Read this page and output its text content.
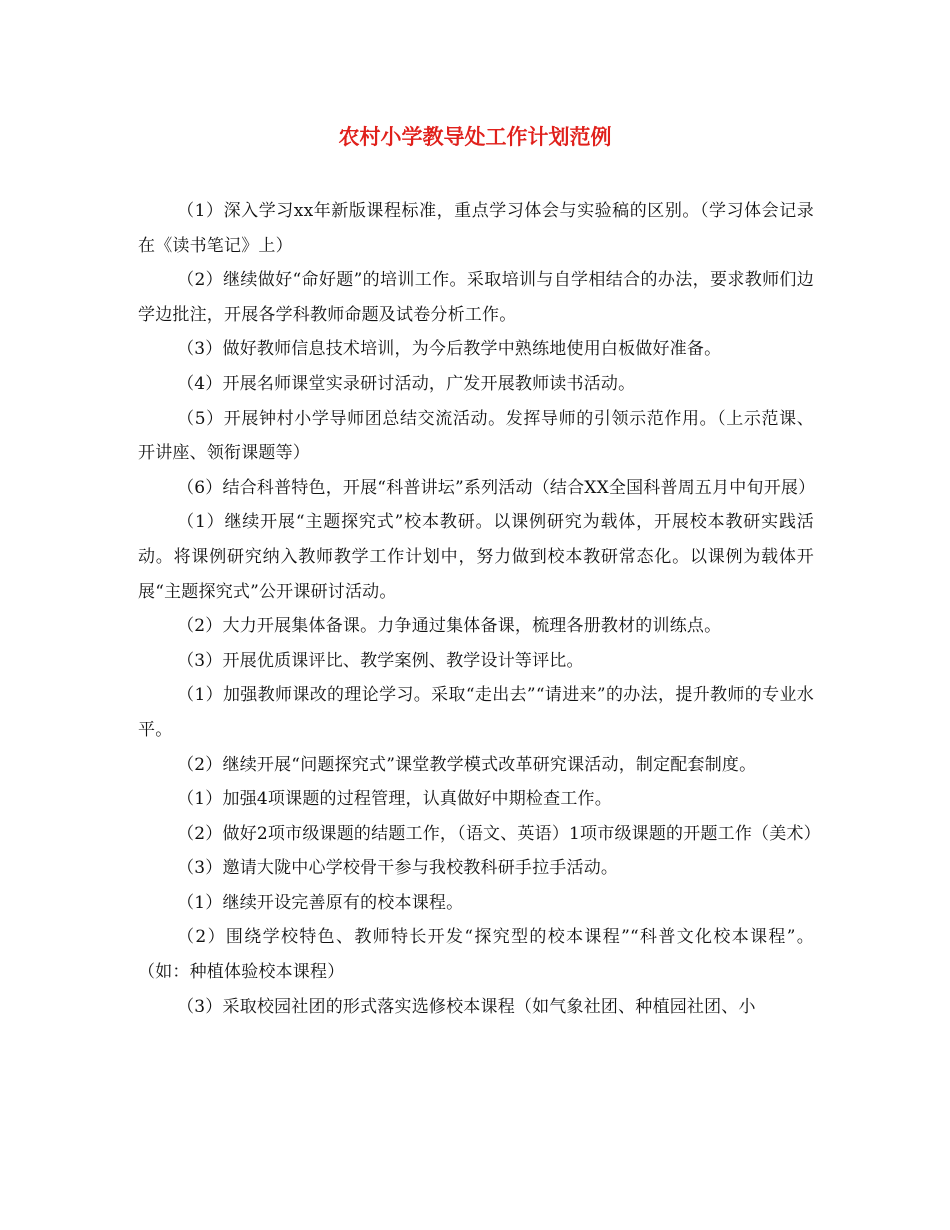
农村小学教导处工作计划范例

（1）深入学习xx年新版课程标准，重点学习体会与实验稿的区别。（学习体会记录在《读书笔记》上）

（2）继续做好“命好题”的培训工作。采取培训与自学相结合的办法，要求教师们边学边批注，开展各学科教师命题及试卷分析工作。

（3）做好教师信息技术培训，为今后教学中熟练地使用白板做好准备。

（4）开展名师课堂实录研讨活动，广发开展教师读书活动。

（5）开展钟村小学导师团总结交流活动。发挥导师的引领示范作用。（上示范课、开讲座、领衔课题等）

（6）结合科普特色，开展“科普讲坛”系列活动（结合XX全国科普周五月中旬开展）

（1）继续开展“主题探究式”校本教研。以课例研究为载体，开展校本教研实践活动。将课例研究纳入教师教学工作计划中，努力做到校本教研常态化。以课例为载体开展“主题探究式”公开课研讨活动。

（2）大力开展集体备课。力争通过集体备课，梳理各册教材的训练点。

（3）开展优质课评比、教学案例、教学设计等评比。

（1）加强教师课改的理论学习。采取“走出去”“请进来”的办法，提升教师的专业水平。

（2）继续开展“问题探究式”课堂教学模式改革研究课活动，制定配套制度。

（1）加强4项课题的过程管理，认真做好中期检查工作。

（2）做好2项市级课题的结题工作，（语文、英语）1项市级课题的开题工作（美术）

（3）邀请大陇中心学校骨干参与我校教科研手拉手活动。

（1）继续开设完善原有的校本课程。

（2）围绕学校特色、教师特长开发“探究型的校本课程”“科普文化校本课程”。（如：种植体验校本课程）

（3）采取校园社团的形式落实选修校本课程（如气象社团、种植园社团、小
